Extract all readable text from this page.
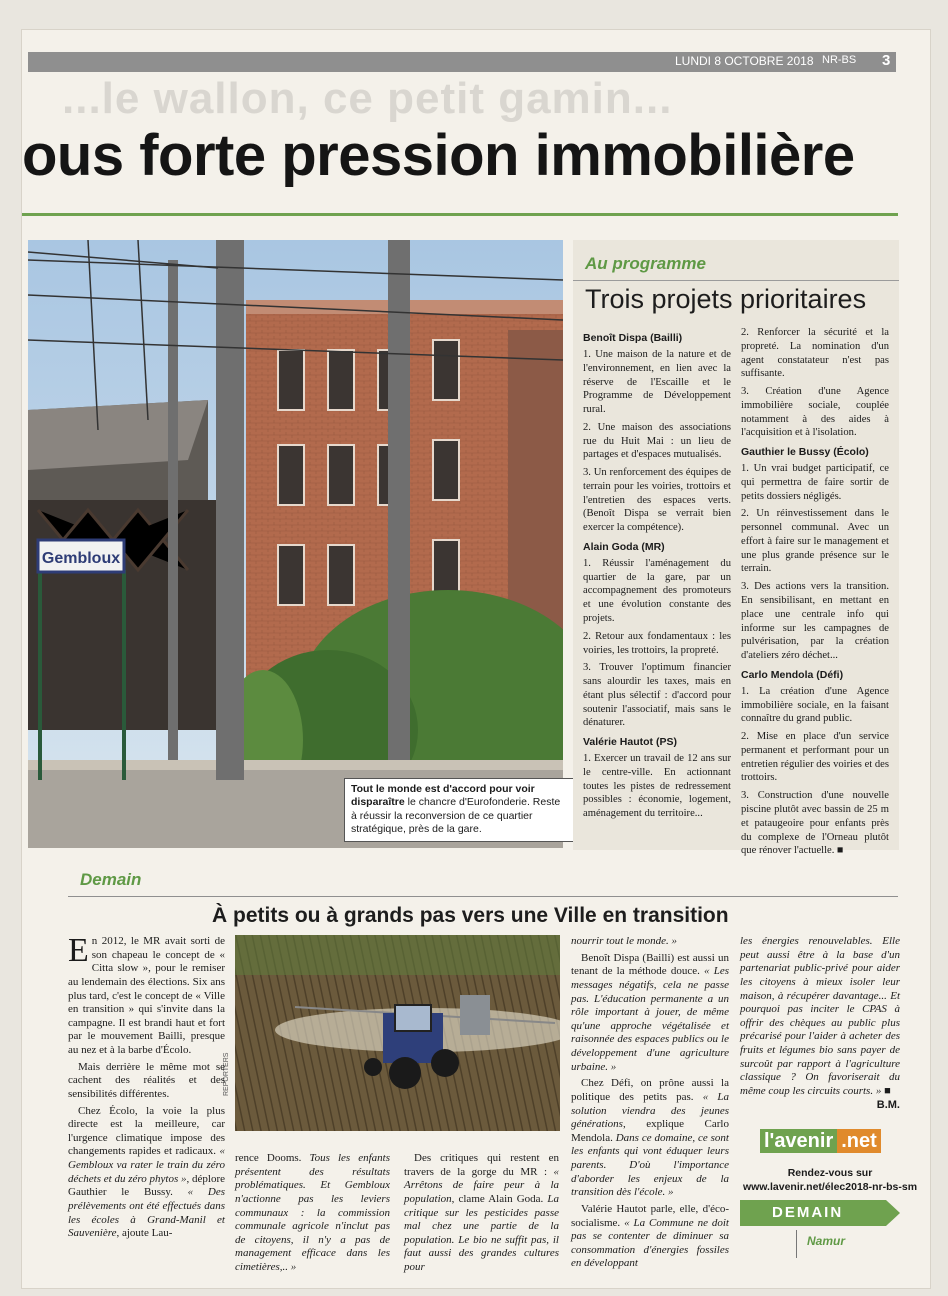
LUNDI 8 OCTOBRE 2018 NR-BS 3
...le wallon, ce petit gamin...
ous forte pression immobilière
Gembloux
Tout le monde est d'accord pour voir disparaître le chancre d'Eurofonderie. Reste à réussir la reconversion de ce quartier stratégique, près de la gare.
Au programme
Trois projets prioritaires
Benoît Dispa (Bailli)

1. Une maison de la nature et de l'environnement, en lien avec la réserve de l'Escaille et le Programme de Développement rural.

2. Une maison des associations rue du Huit Mai : un lieu de partages et d'espaces mutualisés.

3. Un renforcement des équipes de terrain pour les voiries, trottoirs et l'entretien des espaces verts. (Benoît Dispa se verrait bien exercer la compétence).

Alain Goda (MR)

1. Réussir l'aménagement du quartier de la gare, par un accompagnement des promoteurs et une évolution constante des projets.

2. Retour aux fondamentaux : les voiries, les trottoirs, la propreté.

3. Trouver l'optimum financier sans alourdir les taxes, mais en étant plus sélectif : d'accord pour soutenir l'associatif, mais sans le dénaturer.

Valérie Hautot (PS)

1. Exercer un travail de 12 ans sur le centre-ville. En actionnant toutes les pistes de redressement possibles : économie, logement, aménagement du territoire...

2. Renforcer la sécurité et la propreté. La nomination d'un agent constatateur n'est pas suffisante.

3. Création d'une Agence immobilière sociale, couplée notamment à des aides à l'acquisition et à l'isolation.

Gauthier le Bussy (Écolo)

1. Un vrai budget participatif, ce qui permettra de faire sortir de petits dossiers négligés.

2. Un réinvestissement dans le personnel communal. Avec un effort à faire sur le management et une plus grande présence sur le terrain.

3. Des actions vers la transition. En sensibilisant, en mettant en place une centrale info qui informe sur les campagnes de pulvérisation, par la création d'ateliers zéro déchet...

Carlo Mendola (Défi)

1. La création d'une Agence immobilière sociale, en la faisant connaître du grand public.

2. Mise en place d'un service permanent et performant pour un entretien régulier des voiries et des trottoirs.

3. Construction d'une nouvelle piscine plutôt avec bassin de 25 m et pataugeoire pour enfants près du complexe de l'Orneau plutôt que rénover l'actuelle. ■

Demain
À petits ou à grands pas vers une Ville en transition
REPORTERS

En 2012, le MR avait sorti de son chapeau le concept de « Citta slow », pour le remiser au lendemain des élections. Six ans plus tard, c'est le concept de « Ville en transition » qui s'invite dans la campagne. Il est brandi haut et fort par le mouvement Bailli, presque au nez et à la barbe d'Écolo.

Mais derrière le même mot se cachent des réalités et des sensibilités différentes.

Chez Écolo, la voie la plus directe est la meilleure, car l'urgence climatique impose des changements rapides et radicaux. « Gembloux va rater le train du zéro déchets et du zéro phytos », déplore Gauthier le Bussy. « Des prélèvements ont été effectués dans les écoles à Grand-Manil et Sauvenière, ajoute Lau-

rence Dooms. Tous les enfants présentent des résultats problématiques. Et Gembloux n'actionne pas les leviers communaux : la commission communale agricole n'inclut pas de citoyens, il n'y a pas de management efficace dans les cimetières,.. »

Des critiques qui restent en travers de la gorge du MR : « Arrêtons de faire peur à la population, clame Alain Goda. La critique sur les pesticides passe mal chez une partie de la population. Le bio ne suffit pas, il faut aussi des grandes cultures pour

nourrir tout le monde. »

Benoît Dispa (Bailli) est aussi un tenant de la méthode douce. « Les messages négatifs, cela ne passe pas. L'éducation permanente a un rôle important à jouer, de même qu'une approche végétalisée et raisonnée des espaces publics ou le développement d'une agriculture urbaine. »

Chez Défi, on prône aussi la politique des petits pas. « La solution viendra des jeunes générations, explique Carlo Mendola. Dans ce domaine, ce sont les enfants qui vont éduquer leurs parents. D'où l'importance d'aborder les enjeux de la transition dès l'école. »

Valérie Hautot parle, elle, d'éco-socialisme. « La Commune ne doit pas se contenter de diminuer sa consommation d'énergies fossiles en développant

les énergies renouvelables. Elle peut aussi être à la base d'un partenariat public-privé pour aider les citoyens à mieux isoler leur maison, à récupérer davantage... Et pourquoi pas inciter le CPAS à offrir des chèques au public plus précarisé pour l'aider à acheter des fruits et légumes bio sans payer de surcoût par rapport à l'agriculture classique ? On favoriserait du même coup les circuits courts. » ■
B.M.

l'avenir .net
Rendez-vous sur
www.lavenir.net/élec2018-nr-bs-sm
DEMAIN
Namur
